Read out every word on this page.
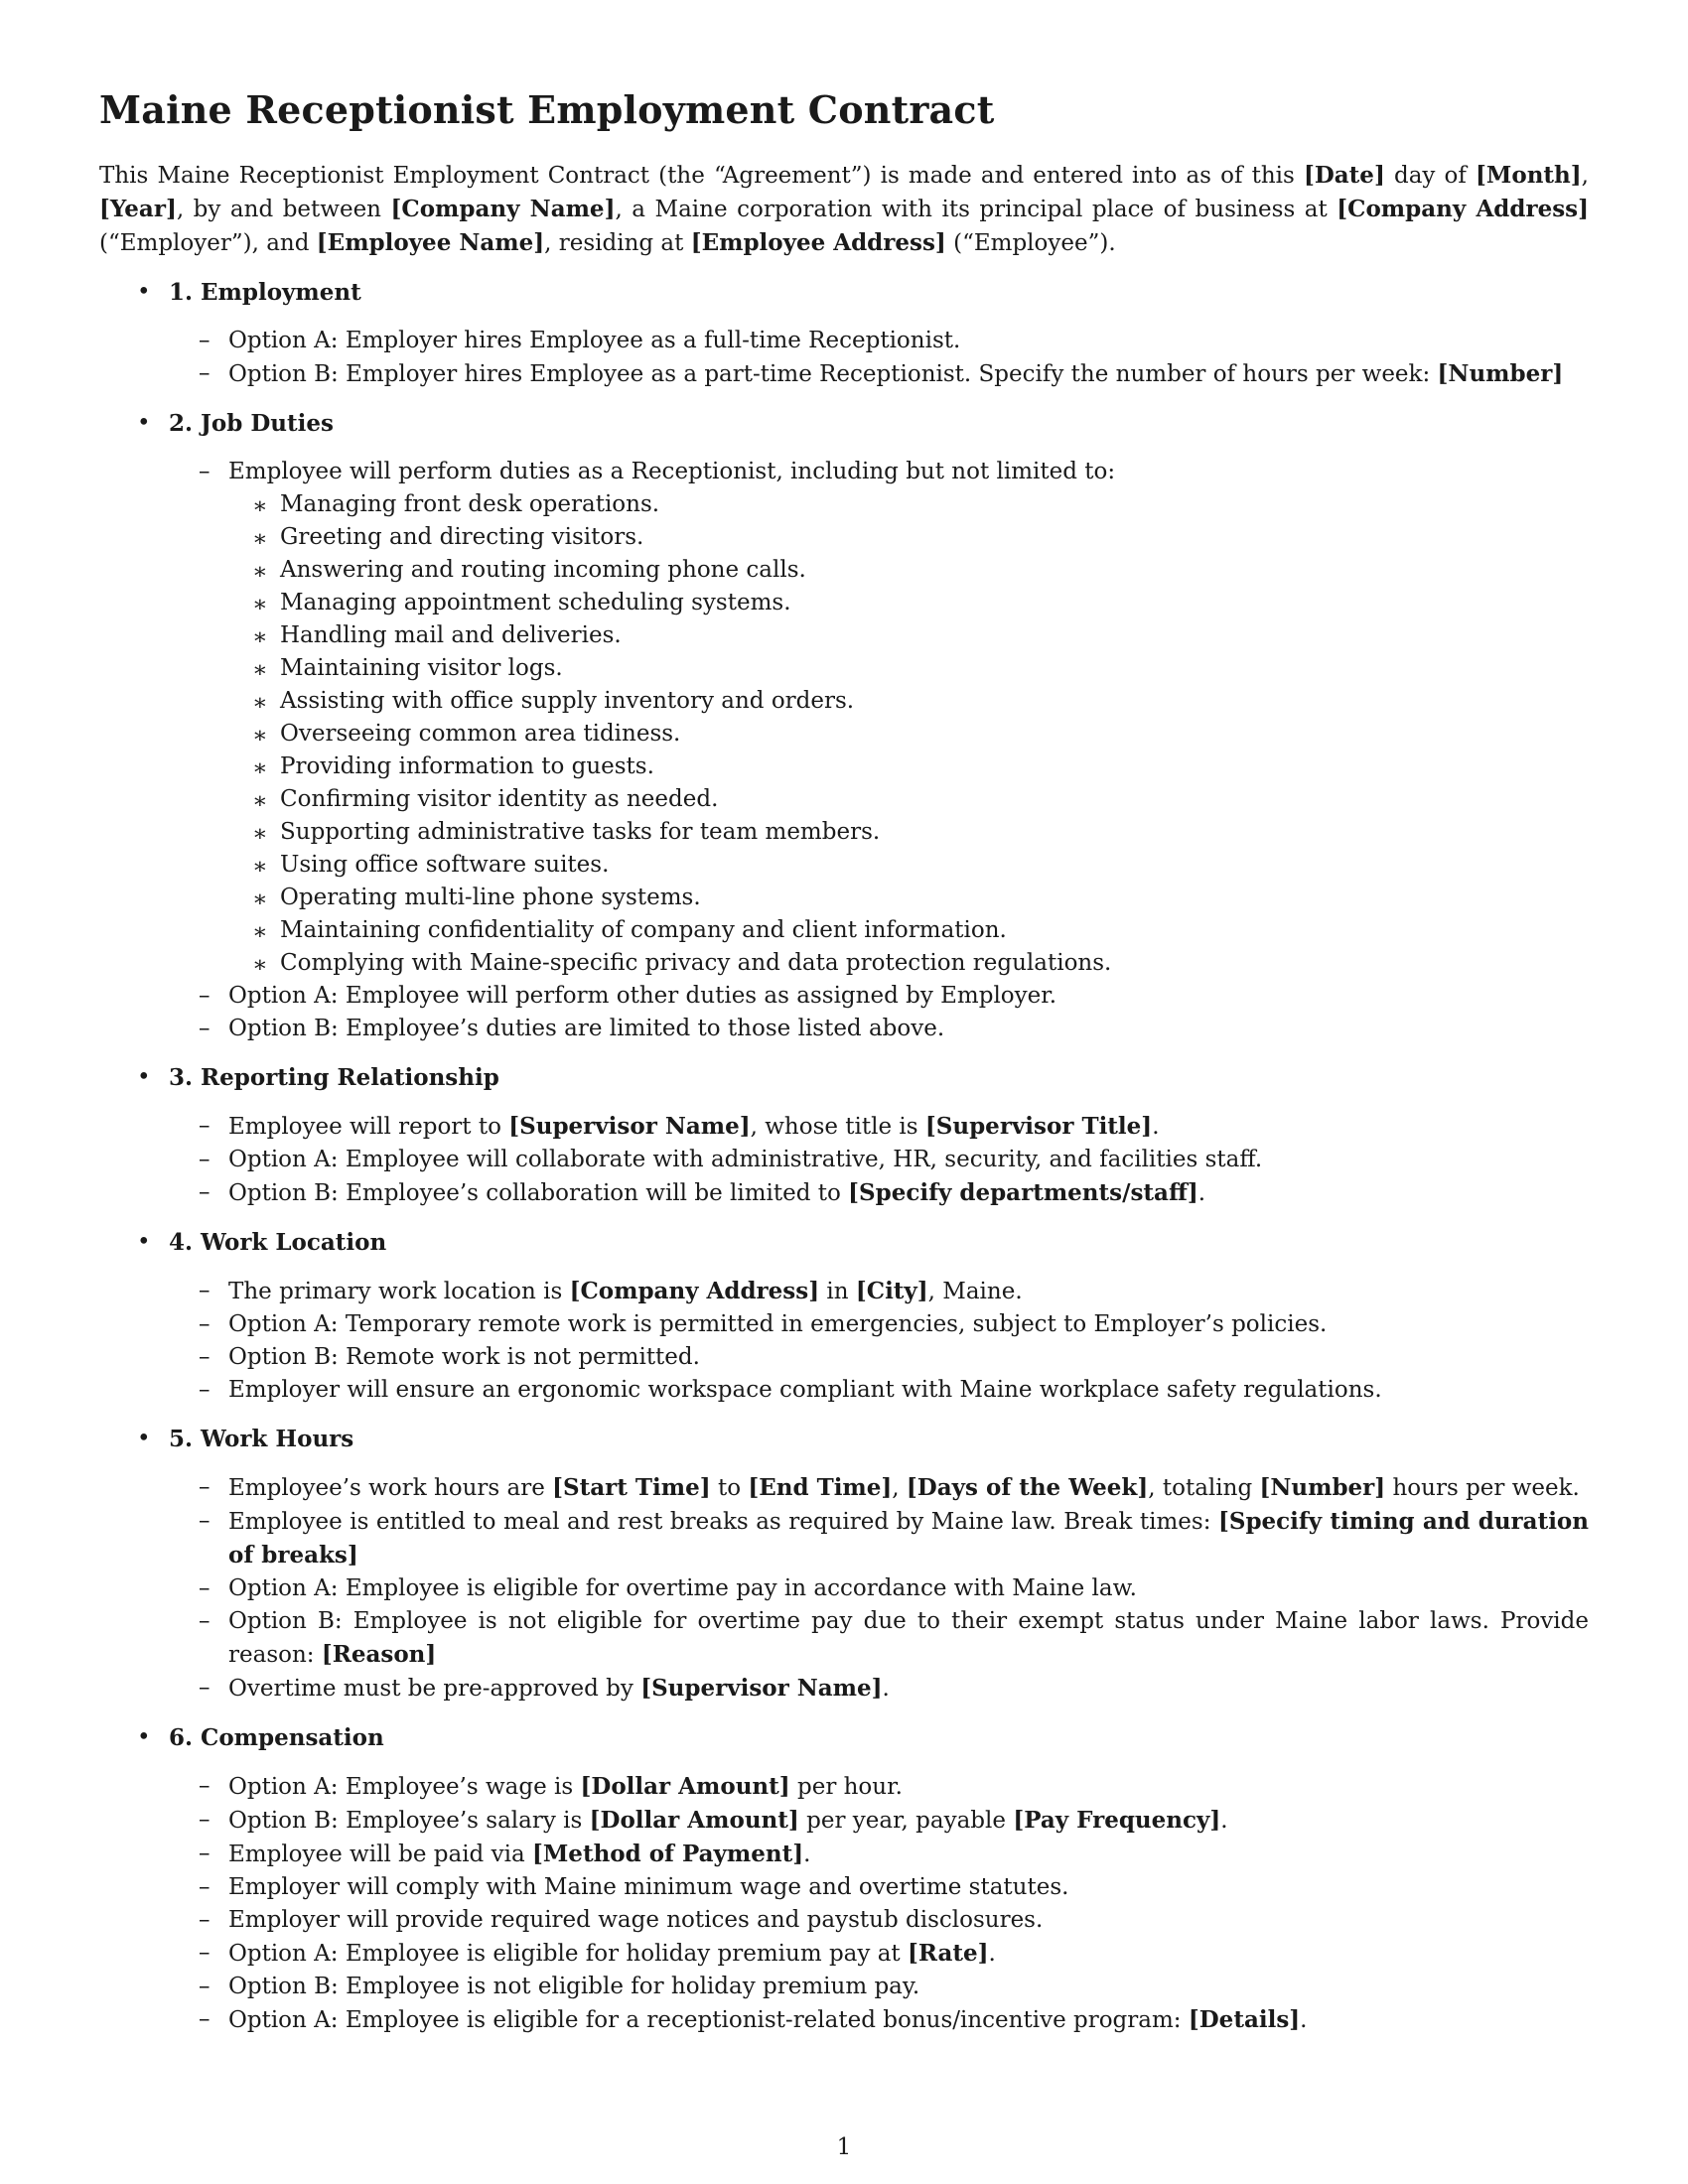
Maine Receptionist Employment Contract

This Maine Receptionist Employment Contract (the “Agreement”) is made and entered into as of this [Date] day of [Month], [Year], by and between [Company Name], a Maine corporation with its principal place of business at [Company Address] (“Employer”), and [Employee Name], residing at [Employee Address] (“Employee”).

• 1. Employment
– Option A: Employer hires Employee as a full-time Receptionist.
– Option B: Employer hires Employee as a part-time Receptionist. Specify the number of hours per week: [Number]
• 2. Job Duties
– Employee will perform duties as a Receptionist, including but not limited to:
∗ Managing front desk operations.
∗ Greeting and directing visitors.
∗ Answering and routing incoming phone calls.
∗ Managing appointment scheduling systems.
∗ Handling mail and deliveries.
∗ Maintaining visitor logs.
∗ Assisting with office supply inventory and orders.
∗ Overseeing common area tidiness.
∗ Providing information to guests.
∗ Confirming visitor identity as needed.
∗ Supporting administrative tasks for team members.
∗ Using office software suites.
∗ Operating multi-line phone systems.
∗ Maintaining confidentiality of company and client information.
∗ Complying with Maine-specific privacy and data protection regulations.
– Option A: Employee will perform other duties as assigned by Employer.
– Option B: Employee’s duties are limited to those listed above.
• 3. Reporting Relationship
– Employee will report to [Supervisor Name], whose title is [Supervisor Title].
– Option A: Employee will collaborate with administrative, HR, security, and facilities staff.
– Option B: Employee’s collaboration will be limited to [Specify departments/staff].
• 4. Work Location
– The primary work location is [Company Address] in [City], Maine.
– Option A: Temporary remote work is permitted in emergencies, subject to Employer’s policies.
– Option B: Remote work is not permitted.
– Employer will ensure an ergonomic workspace compliant with Maine workplace safety regulations.
• 5. Work Hours
– Employee’s work hours are [Start Time] to [End Time], [Days of the Week], totaling [Number] hours per week.
– Employee is entitled to meal and rest breaks as required by Maine law. Break times: [Specify timing and duration of breaks]
– Option A: Employee is eligible for overtime pay in accordance with Maine law.
– Option B: Employee is not eligible for overtime pay due to their exempt status under Maine labor laws. Provide reason: [Reason]
– Overtime must be pre-approved by [Supervisor Name].
• 6. Compensation
– Option A: Employee’s wage is [Dollar Amount] per hour.
– Option B: Employee’s salary is [Dollar Amount] per year, payable [Pay Frequency].
– Employee will be paid via [Method of Payment].
– Employer will comply with Maine minimum wage and overtime statutes.
– Employer will provide required wage notices and paystub disclosures.
– Option A: Employee is eligible for holiday premium pay at [Rate].
– Option B: Employee is not eligible for holiday premium pay.
– Option A: Employee is eligible for a receptionist-related bonus/incentive program: [Details].
1
